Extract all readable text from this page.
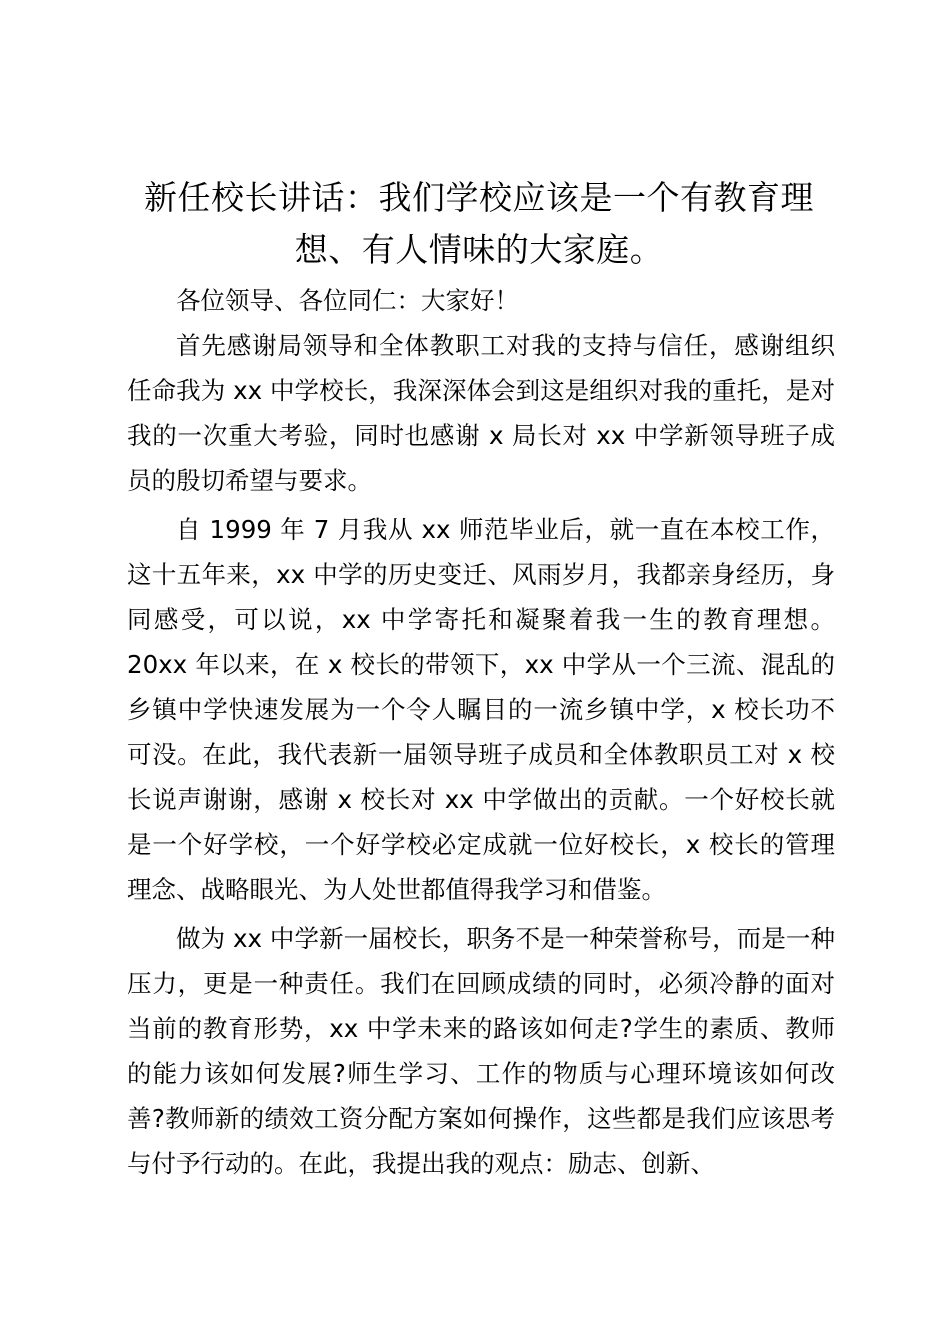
新任校长讲话：我们学校应该是一个有教育理想、有人情味的大家庭。

各位领导、各位同仁：大家好！

首先感谢局领导和全体教职工对我的支持与信任，感谢组织任命我为 xx 中学校长，我深深体会到这是组织对我的重托，是对我的一次重大考验，同时也感谢 x 局长对 xx 中学新领导班子成员的殷切希望与要求。

自 1999 年 7 月我从 xx 师范毕业后，就一直在本校工作，这十五年来，xx 中学的历史变迁、风雨岁月，我都亲身经历，身同感受，可以说，xx 中学寄托和凝聚着我一生的教育理想。20xx 年以来，在 x 校长的带领下，xx 中学从一个三流、混乱的乡镇中学快速发展为一个令人瞩目的一流乡镇中学，x 校长功不可没。在此，我代表新一届领导班子成员和全体教职员工对 x 校长说声谢谢，感谢 x 校长对 xx 中学做出的贡献。一个好校长就是一个好学校，一个好学校必定成就一位好校长，x 校长的管理理念、战略眼光、为人处世都值得我学习和借鉴。

做为 xx 中学新一届校长，职务不是一种荣誉称号，而是一种压力，更是一种责任。我们在回顾成绩的同时，必须冷静的面对当前的教育形势，xx 中学未来的路该如何走?学生的素质、教师的能力该如何发展?师生学习、工作的物质与心理环境该如何改善?教师新的绩效工资分配方案如何操作，这些都是我们应该思考与付予行动的。在此，我提出我的观点：励志、创新、
